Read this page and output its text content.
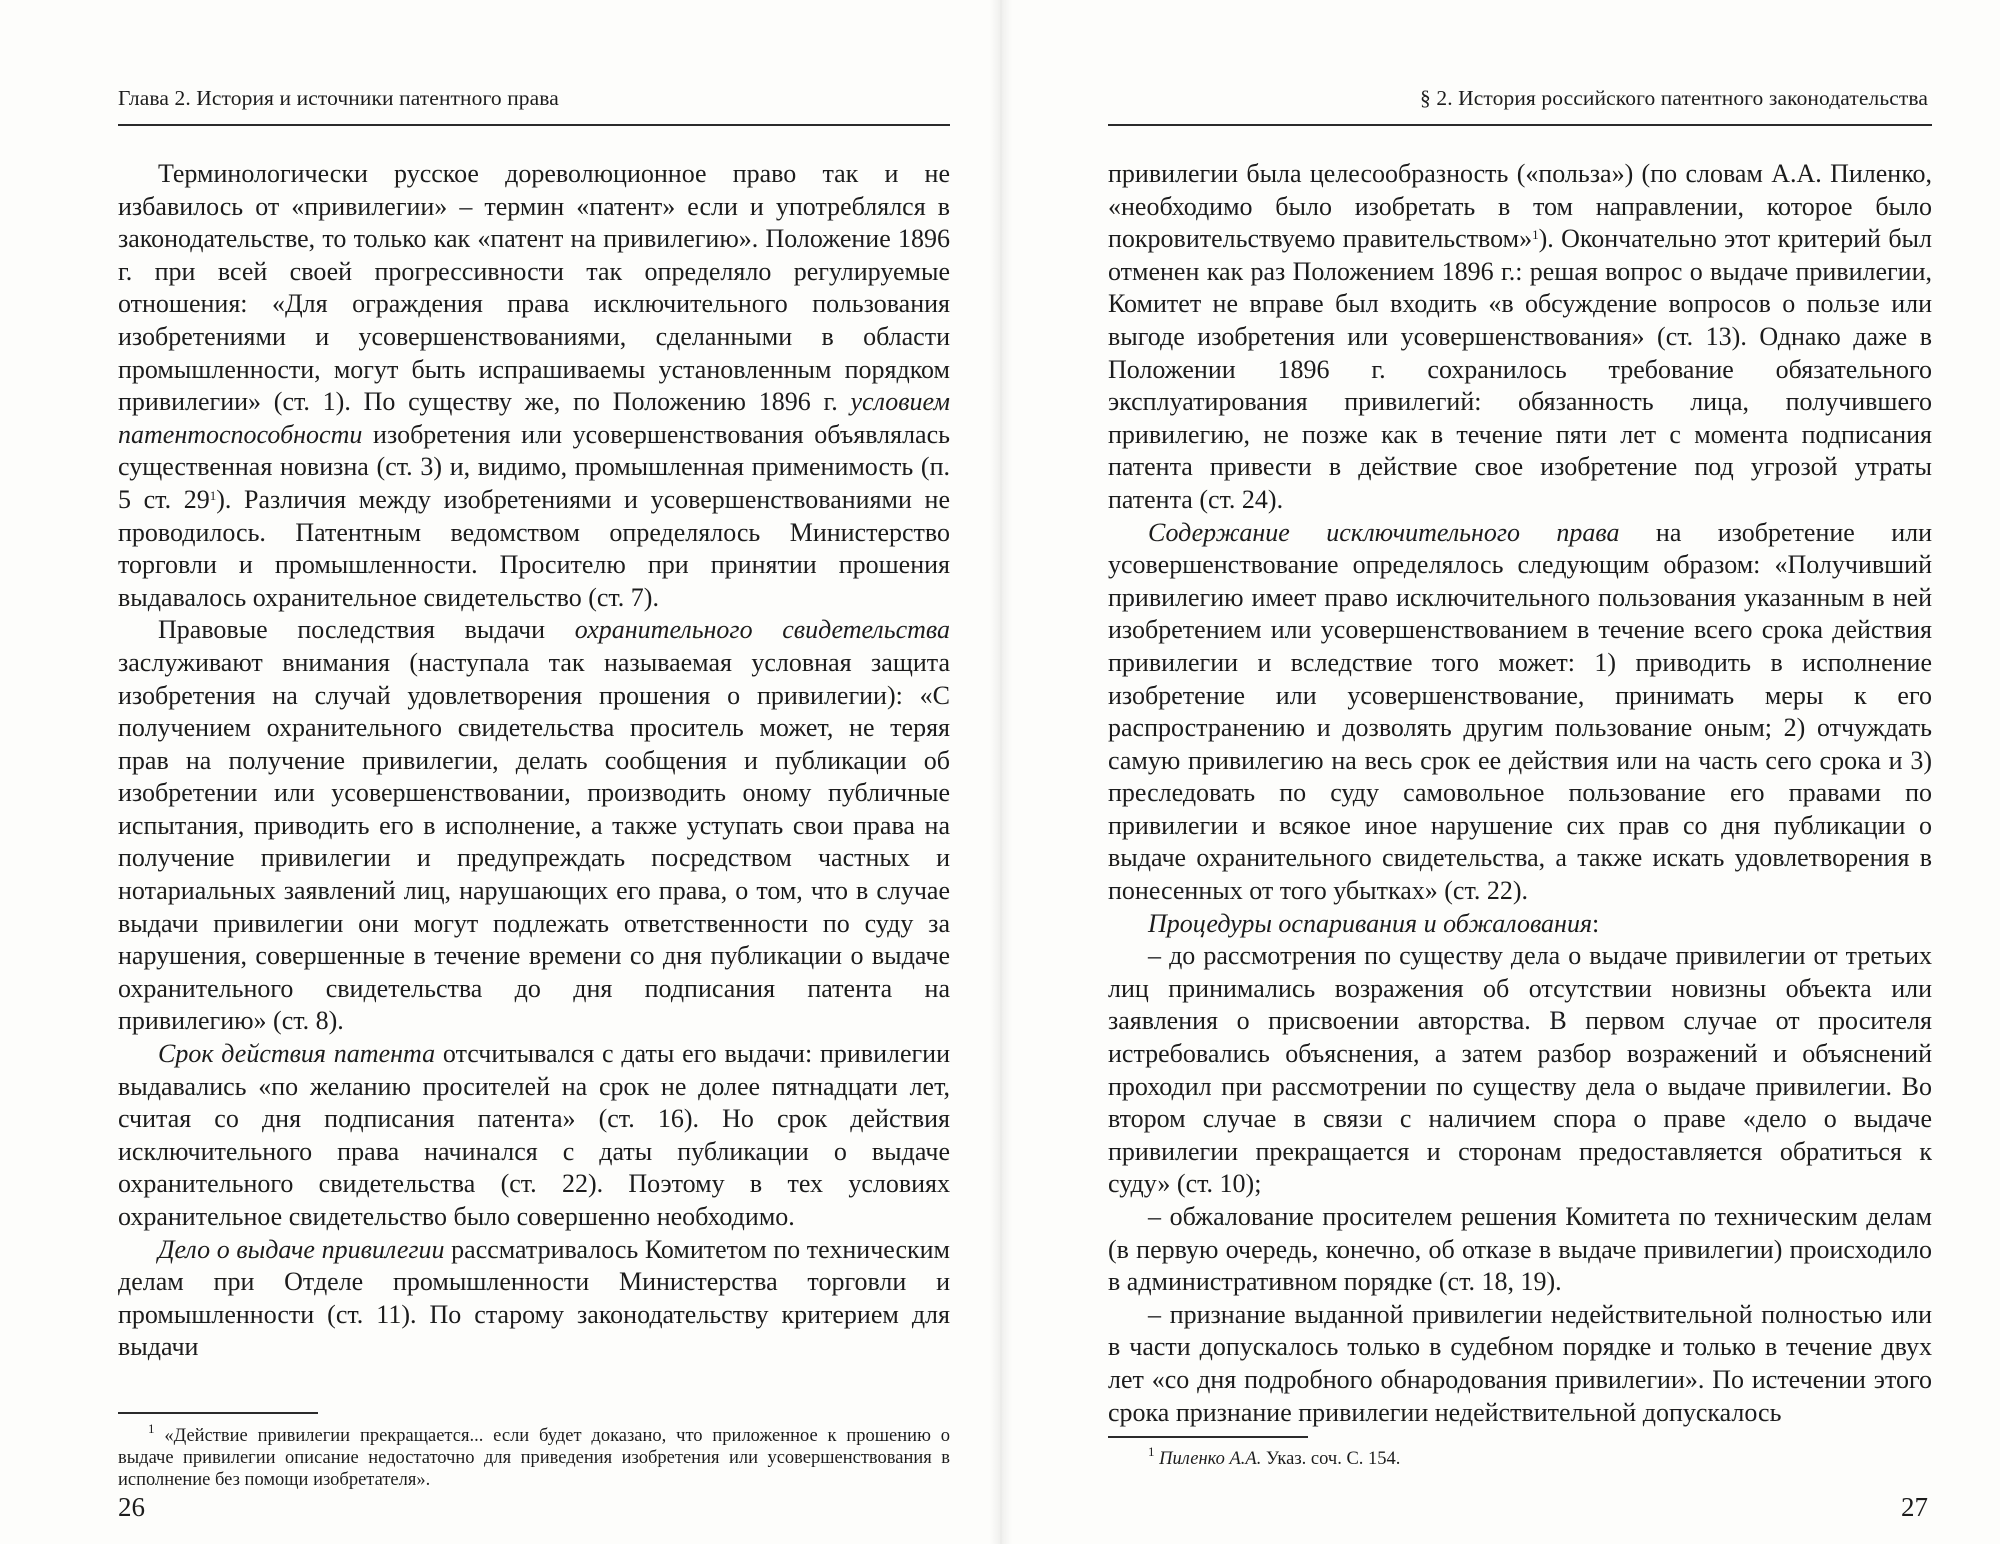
Глава 2. История и источники патентного права

Терминологически русское дореволюционное право так и не избавилось от «привилегии» – термин «патент» если и употреблялся в законодательстве, то только как «патент на привилегию». Положение 1896 г. при всей своей прогрессивности так определяло регулируемые отношения: «Для ограждения права исключительного пользования изобретениями и усовершенствованиями, сделанными в области промышленности, могут быть испрашиваемы установленным порядком привилегии» (ст. 1). По существу же, по Положению 1896 г. условием патентоспособности изобретения или усовершенствования объявлялась существенная новизна (ст. 3) и, видимо, промышленная применимость (п. 5 ст. $29^1$). Различия между изобретениями и усовершенствованиями не проводилось. Патентным ведомством определялось Министерство торговли и промышленности. Просителю при принятии прошения выдавалось охранительное свидетельство (ст. 7).

Правовые последствия выдачи охранительного свидетельства заслуживают внимания (наступала так называемая условная защита изобретения на случай удовлетворения прошения о привилегии): «С получением охранительного свидетельства проситель может, не теряя прав на получение привилегии, делать сообщения и публикации об изобретении или усовершенствовании, производить оному публичные испытания, приводить его в исполнение, а также уступать свои права на получение привилегии и предупреждать посредством частных и нотариальных заявлений лиц, нарушающих его права, о том, что в случае выдачи привилегии они могут подлежать ответственности по суду за нарушения, совершенные в течение времени со дня публикации о выдаче охранительного свидетельства до дня подписания патента на привилегию» (ст. 8).

Срок действия патента отсчитывался с даты его выдачи: привилегии выдавались «по желанию просителей на срок не долее пятнадцати лет, считая со дня подписания патента» (ст. 16). Но срок действия исключительного права начинался с даты публикации о выдаче охранительного свидетельства (ст. 22). Поэтому в тех условиях охранительное свидетельство было совершенно необходимо.

Дело о выдаче привилегии рассматривалось Комитетом по техническим делам при Отделе промышленности Министерства торговли и промышленности (ст. 11). По старому законодательству критерием для выдачи

$^1$ «Действие привилегии прекращается... если будет доказано, что приложенное к прошению о выдаче привилегии описание недостаточно для приведения изобретения или усовершенствования в исполнение без помощи изобретателя».
26
§ 2. История российского патентного законодательства

привилегии была целесообразность («польза») (по словам А.А. Пиленко, «необходимо было изобретать в том направлении, которое было покровительствуемо правительством»$^1$). Окончательно этот критерий был отменен как раз Положением 1896 г.: решая вопрос о выдаче привилегии, Комитет не вправе был входить «в обсуждение вопросов о пользе или выгоде изобретения или усовершенствования» (ст. 13). Однако даже в Положении 1896 г. сохранилось требование обязательного эксплуатирования привилегий: обязанность лица, получившего привилегию, не позже как в течение пяти лет с момента подписания патента привести в действие свое изобретение под угрозой утраты патента (ст. 24).

Содержание исключительного права на изобретение или усовершенствование определялось следующим образом: «Получивший привилегию имеет право исключительного пользования указанным в ней изобретением или усовершенствованием в течение всего срока действия привилегии и вследствие того может: 1) приводить в исполнение изобретение или усовершенствование, принимать меры к его распространению и дозволять другим пользование оным; 2) отчуждать самую привилегию на весь срок ее действия или на часть сего срока и 3) преследовать по суду самовольное пользование его правами по привилегии и всякое иное нарушение сих прав со дня публикации о выдаче охранительного свидетельства, а также искать удовлетворения в понесенных от того убытках» (ст. 22).

Процедуры оспаривания и обжалования:

– до рассмотрения по существу дела о выдаче привилегии от третьих лиц принимались возражения об отсутствии новизны объекта или заявления о присвоении авторства. В первом случае от просителя истребовались объяснения, а затем разбор возражений и объяснений проходил при рассмотрении по существу дела о выдаче привилегии. Во втором случае в связи с наличием спора о праве «дело о выдаче привилегии прекращается и сторонам предоставляется обратиться к суду» (ст. 10);

– обжалование просителем решения Комитета по техническим делам (в первую очередь, конечно, об отказе в выдаче привилегии) происходило в административном порядке (ст. 18, 19).

– признание выданной привилегии недействительной полностью или в части допускалось только в судебном порядке и только в течение двух лет «со дня подробного обнародования привилегии». По истечении этого срока признание привилегии недействительной допускалось

$^1$ Пиленко А.А. Указ. соч. С. 154.
27
